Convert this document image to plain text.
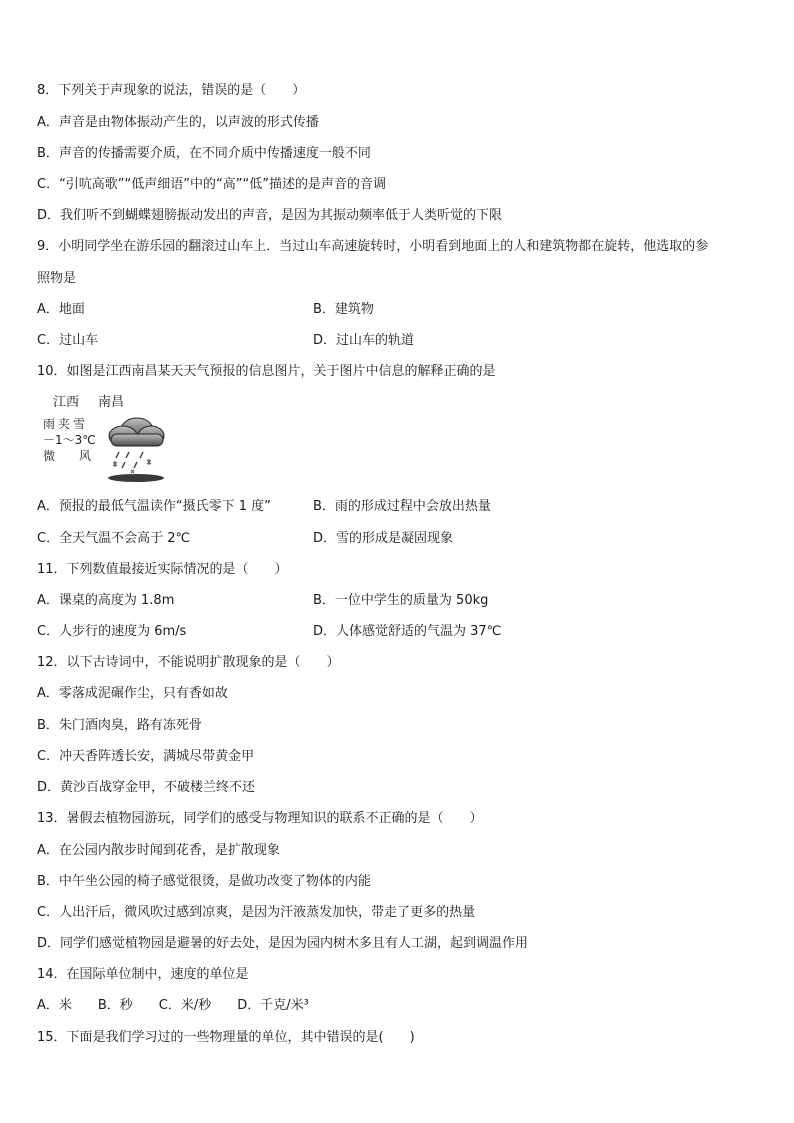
8．下列关于声现象的说法，错误的是（　　）
A．声音是由物体振动产生的，以声波的形式传播
B．声音的传播需要介质，在不同介质中传播速度一般不同
C．“引吭高歌”“低声细语”中的“高”“低”描述的是声音的音调
D．我们听不到蝴蝶翅膀振动发出的声音，是因为其振动频率低于人类听觉的下限
9．小明同学坐在游乐园的翻滚过山车上．当过山车高速旋转时，小明看到地面上的人和建筑物都在旋转，他选取的参
照物是
A．地面	B．建筑物
C．过山车	D．过山车的轨道
10．如图是江西南昌某天天气预报的信息图片，关于图片中信息的解释正确的是
江西 南昌
雨夹雪
－1～3℃
微 风
A．预报的最低气温读作“摄氏零下 1 度”	B．雨的形成过程中会放出热量
C．全天气温不会高于 2℃	D．雪的形成是凝固现象
11．下列数值最接近实际情况的是（　　）
A．课桌的高度为 1.8m	B．一位中学生的质量为 50kg
C．人步行的速度为 6m/s	D．人体感觉舒适的气温为 37℃
12．以下古诗词中，不能说明扩散现象的是（　　）
A．零落成泥碾作尘，只有香如故
B．朱门酒肉臭，路有冻死骨
C．冲天香阵透长安，满城尽带黄金甲
D．黄沙百战穿金甲，不破楼兰终不还
13．暑假去植物园游玩，同学们的感受与物理知识的联系不正确的是（　　）
A．在公园内散步时闻到花香，是扩散现象
B．中午坐公园的椅子感觉很烫，是做功改变了物体的内能
C．人出汗后，微风吹过感到凉爽，是因为汗液蒸发加快，带走了更多的热量
D．同学们感觉植物园是避暑的好去处，是因为园内树木多且有人工湖，起到调温作用
14．在国际单位制中，速度的单位是
A．米　　B．秒　　C．米/秒　　D．千克/米³
15．下面是我们学习过的一些物理量的单位，其中错误的是(　　)
